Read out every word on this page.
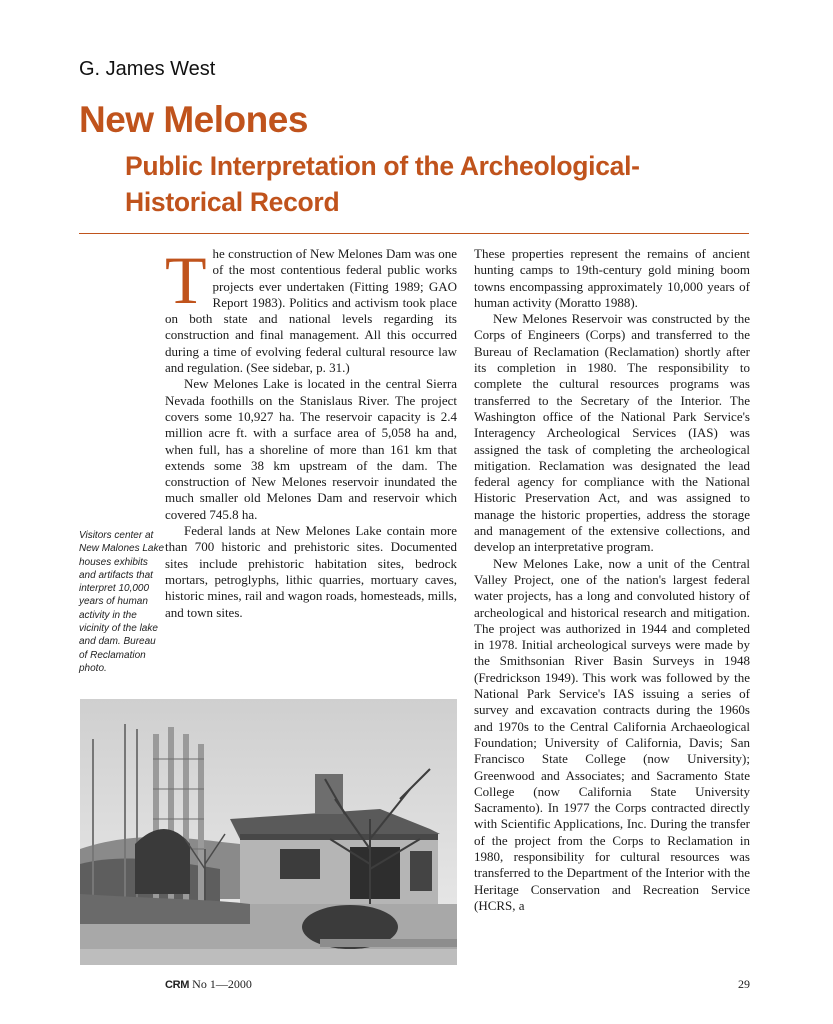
G. James West
New Melones
Public Interpretation of the Archeological-Historical Record
Visitors center at New Malones Lake houses exhibits and artifacts that interpret 10,000 years of human activity in the vicinity of the lake and dam. Bureau of Reclamation photo.

The construction of New Melones Dam was one of the most contentious federal public works projects ever undertaken (Fitting 1989; GAO Report 1983). Politics and activism took place on both state and national levels regarding its construction and final management. All this occurred during a time of evolving federal cultural resource law and regulation. (See sidebar, p. 31.)

New Melones Lake is located in the central Sierra Nevada foothills on the Stanislaus River. The project covers some 10,927 ha. The reservoir capacity is 2.4 million acre ft. with a surface area of 5,058 ha and, when full, has a shoreline of more than 161 km that extends some 38 km upstream of the dam. The construction of New Melones reservoir inundated the much smaller old Melones Dam and reservoir which covered 745.8 ha.

Federal lands at New Melones Lake contain more than 700 historic and prehistoric sites. Documented sites include prehistoric habitation sites, bedrock mortars, petroglyphs, lithic quarries, mortuary caves, historic mines, rail and wagon roads, homesteads, mills, and town sites.

These properties represent the remains of ancient hunting camps to 19th-century gold mining boom towns encompassing approximately 10,000 years of human activity (Moratto 1988).

New Melones Reservoir was constructed by the Corps of Engineers (Corps) and transferred to the Bureau of Reclamation (Reclamation) shortly after its completion in 1980. The responsibility to complete the cultural resources programs was transferred to the Secretary of the Interior. The Washington office of the National Park Service's Interagency Archeological Services (IAS) was assigned the task of completing the archeological mitigation. Reclamation was designated the lead federal agency for compliance with the National Historic Preservation Act, and was assigned to manage the historic properties, address the storage and management of the extensive collections, and develop an interpretative program.

New Melones Lake, now a unit of the Central Valley Project, one of the nation's largest federal water projects, has a long and convoluted history of archeological and historical research and mitigation. The project was authorized in 1944 and completed in 1978. Initial archeological surveys were made by the Smithsonian River Basin Surveys in 1948 (Fredrickson 1949). This work was followed by the National Park Service's IAS issuing a series of survey and excavation contracts during the 1960s and 1970s to the Central California Archaeological Foundation; University of California, Davis; San Francisco State College (now University); Greenwood and Associates; and Sacramento State College (now California State University Sacramento). In 1977 the Corps contracted directly with Scientific Applications, Inc. During the transfer of the project from the Corps to Reclamation in 1980, responsibility for cultural resources was transferred to the Department of the Interior with the Heritage Conservation and Recreation Service (HCRS, a

CRM No 1—2000	29
